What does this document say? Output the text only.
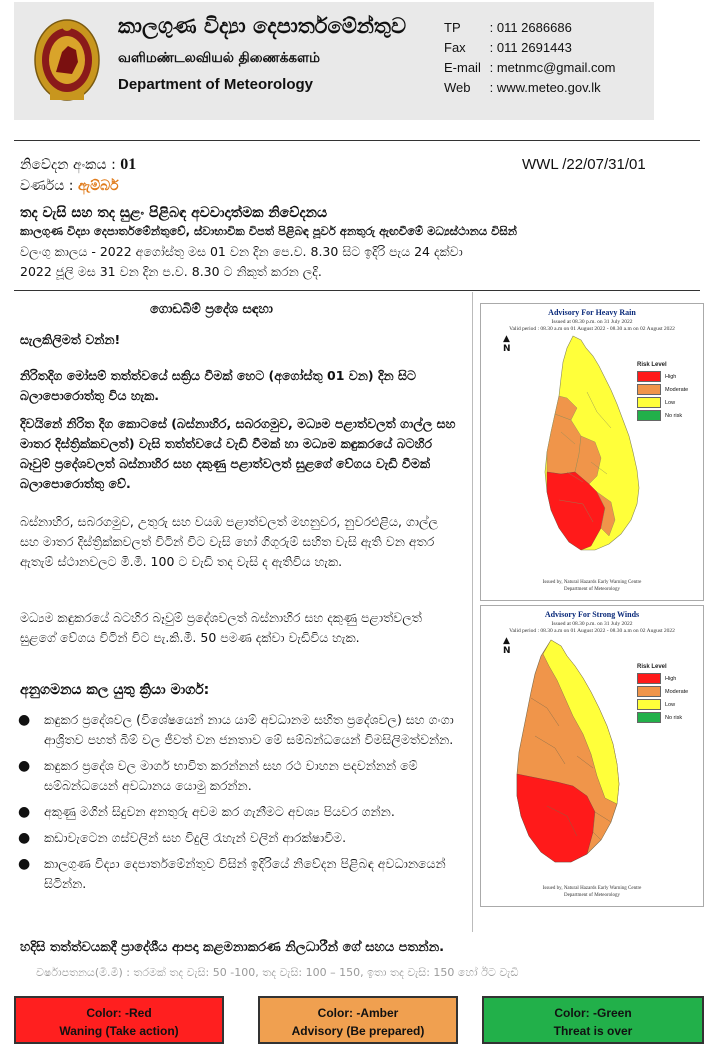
කාලගුණ විද්‍යා දෙපාර්තමේන්තුව
வளிமண்டலவியல் திணைக்களம்
Department of Meteorology
TP : 011 2686686
Fax : 011 2691443
E-mail : metnmc@gmail.com
Web : www.meteo.gov.lk
නිවේදන අංකය : 01	WWL /22/07/31/01
වර්ණය : ඇම්බර්
තද වැසි සහ තද සුළං පිළිබඳ අවවාදාත්මක නිවේදනය
කාලගුණ විද්‍යා දෙපාර්තමේන්තුවේ, ස්වාභාවික විපත් පිළිබඳ පූර්ව අනතුරු ඇඟවීමේ මධ්‍යස්ථානය විසින්
වලංගු කාලය - 2022 අගෝස්තු මස 01 වන දින පෙ.ව. 8.30 සිට ඉදිරි පැය 24 දක්වා
2022 ජූලි මස 31 වන දින ප.ව. 8.30 ට නිකුත් කරන ලදි.
ගොඩබිම් ප්‍රදේශ සඳහා
සැලකිලිමත් වන්න!
නිරිතදිග මෝසම් තත්ත්වයේ සක්‍රිය වීමක් හෙට (අගෝස්තු 01 වන) දින සිට බලාපොරොත්තු විය හැක.
දිවයිනේ නිරිත දිග කොටසේ (බස්නාහිර, සබරගමුව, මධ්‍යම පළාත්වලත් ගාල්ල සහ මාතර දිස්ත්‍රික්කවලත්) වැසි තත්ත්වයේ වැඩි වීමක් හා මධ්‍යම කඳුකරයේ බටහිර බෑවුම් ප්‍රදේශවලත් බස්නාහිර සහ දකුණු පළාත්වලත් සුළගේ වේගය වැඩි වීමක් බලාපොරොත්තු වේ.
බස්නාහිර, සබරගමුව, උතුරු සහ වයඹ පළාත්වලත් මහනුවර, නුවරඑළිය, ගාල්ල සහ මාතර දිස්ත්‍රික්කවලත් විටින් විට වැසි හෝ ගිගුරුම් සහිත වැසි ඇති වන අතර ඇතැම් ස්ථානවලට මි.මී. 100 ට වැඩි තද වැසි ද ඇතිවිය හැක.
මධ්‍යම කඳුකරයේ බටහිර බෑවුම් ප්‍රදේශවලත් බස්නාහිර සහ දකුණු පළාත්වලත් සුළගේ වේගය විටින් විට පැ.කි.මී. 50 පමණ දක්වා වැඩිවිය හැක.
අනුගමනය කල යුතු ක්‍රියා මාර්ග:
● කඳුකර ප්‍රදේශවල (විශේෂයෙන් නාය යාම් අවධානම සහිත ප්‍රදේශවල) සහ ගංගා ආශ්‍රිතව පහත් බිම් වල ජීවත් වන ජනතාව මේ සම්බන්ධයෙන් විමසිලිමත්වන්න.
● කඳුකර ප්‍රදේශ වල මාර්ග භාවිත කරන්නන් සහ රථ වාහන පදවන්නන් මේ සම්බන්ධයෙන් අවධානය යොමු කරන්න.
● අකුණු මගින් සිදුවන අනතුරු අවම කර ගැනීමට අවශ්‍ය පියවර ගන්න.
● කඩාවැටෙන ගස්වලින් සහ විදුලි රැහැන් වලින් ආරක්ෂාවීම.
● කාලගුණ විද්‍යා දෙපාර්තමේන්තුව විසින් ඉදිරියේ නිවේදන පිළිබඳ අවධානයෙන් සිටින්න.
හදිසි තත්ත්වයකදී ප්‍රාදේශීය ආපදා කළමනාකරණ නිලධාරීන් ගේ සහය පතන්න.
වර්ෂාපතනය(මි.මී) : තරමක් තද වැසි: 50 -100, තද වැසි: 100 – 150, ඉතා තද වැසි: 150 හෝ ඊට වැඩි
Advisory For Heavy Rain
Issued at 08.30 p.m. on 31 July 2022
Valid period : 08.30 a.m on 01 August 2022 - 08.30 a.m on 02 August 2022
▲
N
Risk Level
High
Moderate
Low
No risk
Issued by, Natural Hazards Early Warning Centre
Department of Meteorology
Advisory For Strong Winds
Issued at 08.30 p.m. on 31 July 2022
Valid period : 08.30 a.m on 01 August 2022 - 08.30 a.m on 02 August 2022
▲
N
Risk Level
High
Moderate
Low
No risk
Issued by, Natural Hazards Early Warning Centre
Department of Meteorology
Color: -Red
Waning (Take action)
Color: -Amber
Advisory (Be prepared)
Color: -Green
Threat is over
